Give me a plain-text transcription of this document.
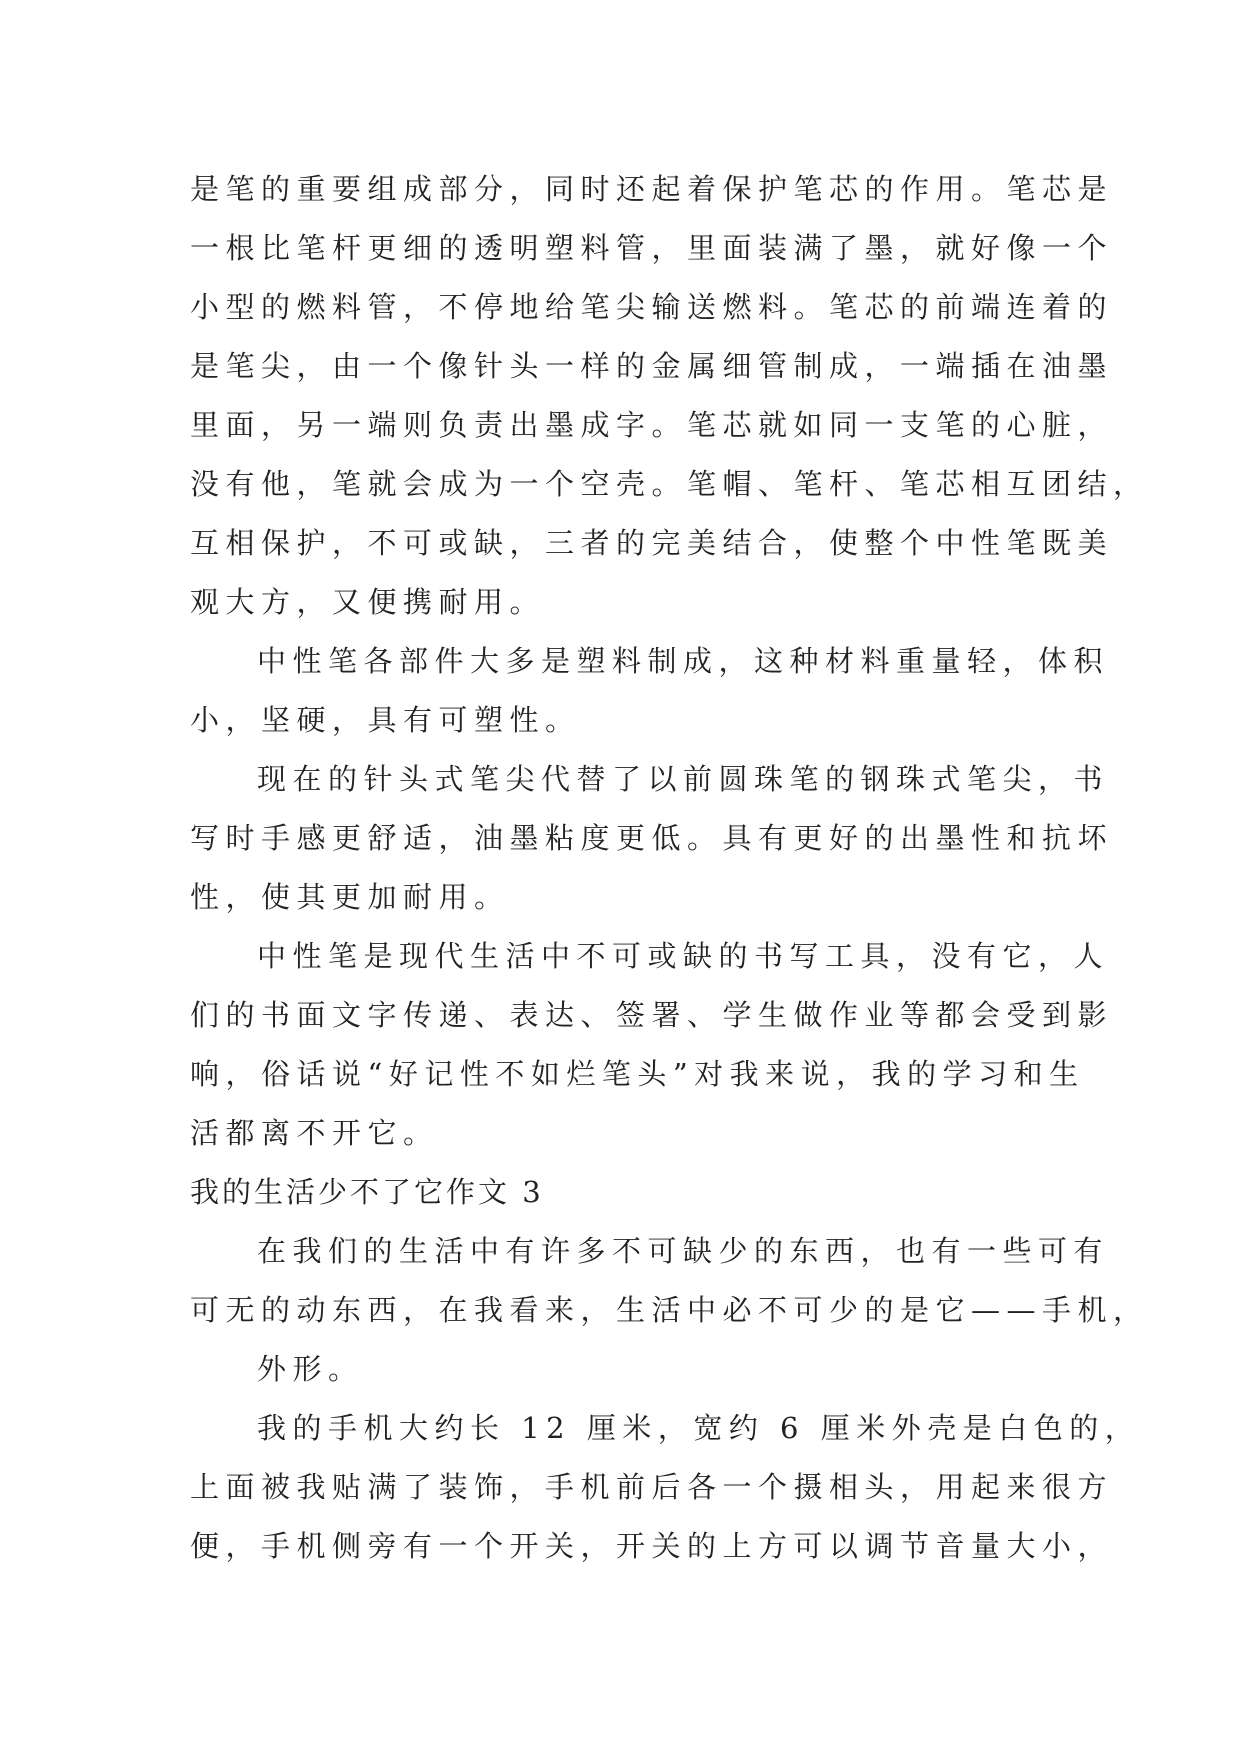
是笔的重要组成部分，同时还起着保护笔芯的作用。笔芯是
一根比笔杆更细的透明塑料管，里面装满了墨，就好像一个
小型的燃料管，不停地给笔尖输送燃料。笔芯的前端连着的
是笔尖，由一个像针头一样的金属细管制成，一端插在油墨
里面，另一端则负责出墨成字。笔芯就如同一支笔的心脏，
没有他，笔就会成为一个空壳。笔帽、笔杆、笔芯相互团结，
互相保护，不可或缺，三者的完美结合，使整个中性笔既美
观大方，又便携耐用。
中性笔各部件大多是塑料制成，这种材料重量轻，体积
小，坚硬，具有可塑性。
现在的针头式笔尖代替了以前圆珠笔的钢珠式笔尖，书
写时手感更舒适，油墨粘度更低。具有更好的出墨性和抗坏
性，使其更加耐用。
中性笔是现代生活中不可或缺的书写工具，没有它，人
们的书面文字传递、表达、签署、学生做作业等都会受到影
响，俗话说“好记性不如烂笔头”对我来说，我的学习和生
活都离不开它。
我的生活少不了它作文 3
在我们的生活中有许多不可缺少的东西，也有一些可有
可无的动东西，在我看来，生活中必不可少的是它——手机，
外形。
我的手机大约长 12 厘米，宽约 6 厘米外壳是白色的，
上面被我贴满了装饰，手机前后各一个摄相头，用起来很方
便，手机侧旁有一个开关，开关的上方可以调节音量大小，
